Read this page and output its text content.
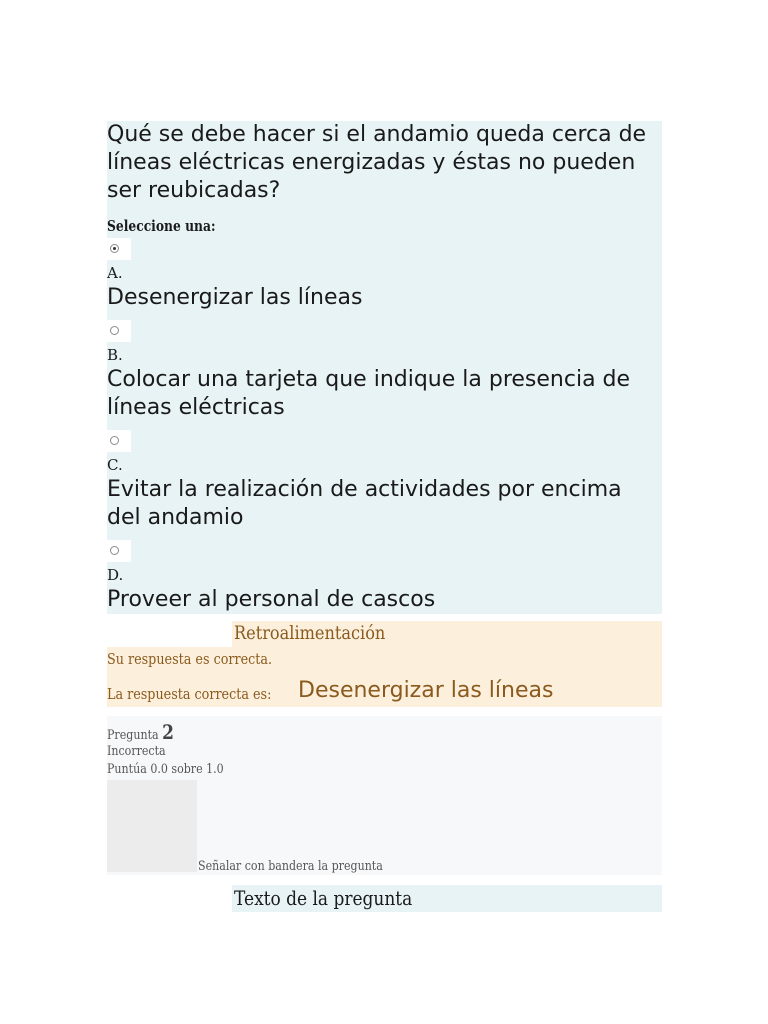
Qué se debe hacer si el andamio queda cerca de líneas eléctricas energizadas y éstas no pueden ser reubicadas?

Seleccione una:
A.
Desenergizar las líneas
B.
Colocar una tarjeta que indique la presencia de líneas eléctricas
C.
Evitar la realización de actividades por encima del andamio
D.
Proveer al personal de cascos
Retroalimentación
Su respuesta es correcta.
La respuesta correcta es: Desenergizar las líneas
Pregunta 2
Incorrecta
Puntúa 0.0 sobre 1.0
Señalar con bandera la pregunta
Texto de la pregunta
